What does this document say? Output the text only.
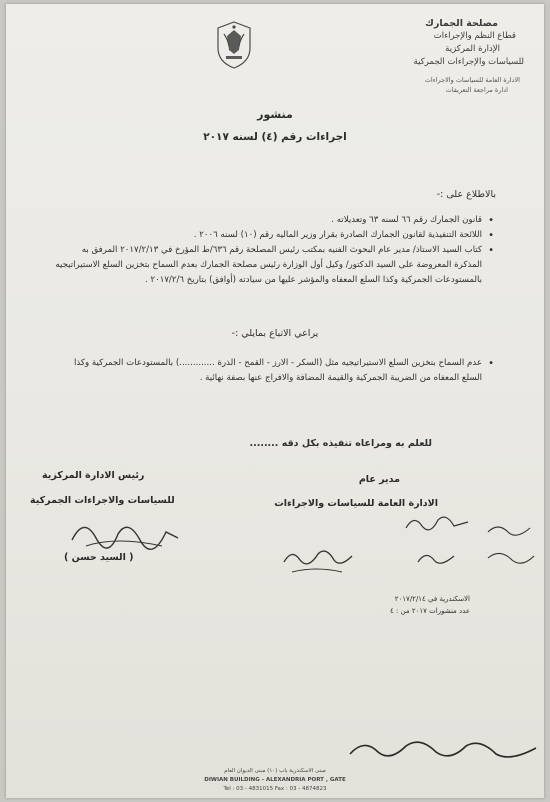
مصلحة الجمارك
قطاع النظم والإجراءات
الإدارة المركزية
للسياسات والإجراءات الجمركية
الادارة العامة للسياسات والاجراءات
ادارة مراجعة التعريفات
منشور
اجراءات رقم (٤) لسنه ٢٠١٧
بالاطلاع على :-
• قانون الجمارك رقم ٦٦ لسنه ٦٣ وتعديلاته .
• اللائحة التنفيذية لقانون الجمارك الصادرة بقرار وزير الماليه رقم (١٠) لسنه ٢٠٠٦ .
• كتاب السيد الاستاذ/ مدير عام البحوث الفنيه بمكتب رئيس المصلحة رقم ٦٣٦/ط المؤرخ في ٢٠١٧/٢/١٣ المرفق به المذكرة المعروضة على السيد الدكتور/ وكيل أول الوزارة رئيس مصلحة الجمارك بعدم السماح بتخزين السلع الاستيراتيجيه بالمستودعات الجمركية وكذا السلع المعفاه والمؤشر عليها من سيادته (أوافق) بتاريخ ٢٠١٧/٢/٦ .
يراعي الاتباع بمايلي :-
• عدم السماح بتخزين السلع الاستيراتيجيه مثل (السكر - الارز - القمح - الذرة .............) بالمستودعات الجمركية وكذا السلع المعفاه من الضريبة الجمركية والقيمة المضافة والافراج عنها بصفة نهائية .
للعلم به ومراعاه تنفيذه بكل دقه ........
مدير عام
الادارة العامة للسياسات والاجراءات
رئيس الادارة المركزية
للسياسات والاجراءات الجمركية
( السيد حسن )
الاسكندرية في ٢٠١٧/٢/١٤
عدد منشورات ٢٠١٧ من : ٤
مبنى الاسكندرية باب (١٠) مبنى الديوان العام
DIWIAN BUILDING - ALEXANDRIA PORT , GATE
Tel : 03 - 4831015 Fax : 03 - 4874823
